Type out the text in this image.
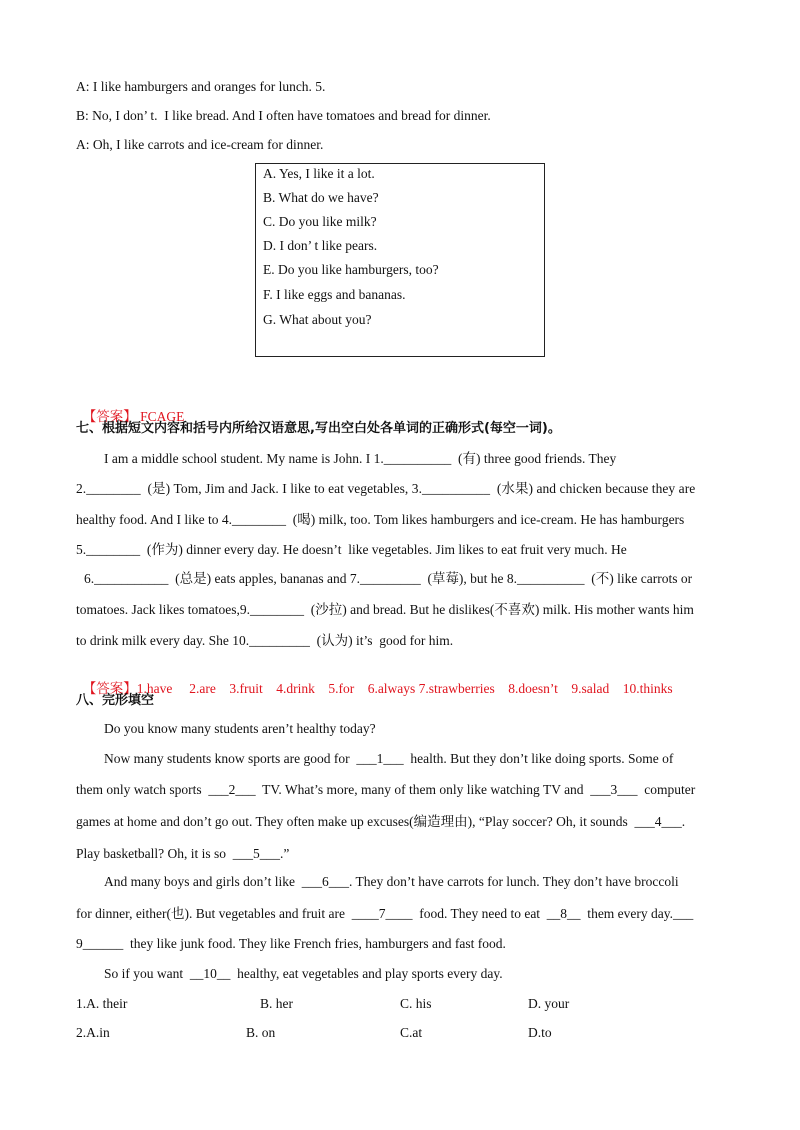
A: I like hamburgers and oranges for lunch. 5.
B: No, I don’ t.  I like bread. And I often have tomatoes and bread for dinner.
A: Oh, I like carrots and ice-cream for dinner.
A. Yes, I like it a lot.
B. What do we have?
C. Do you like milk?
D. I don’ t like pears.
E. Do you like hamburgers, too?
F. I like eggs and bananas.
G. What about you?

【答案】 FCAGE

七、根据短文内容和括号内所给汉语意思,写出空白处各单词的正确形式(每空一词)。
I am a middle school student. My name is John. I 1.__________  (有) three good friends. They
2.________  (是) Tom, Jim and Jack. I like to eat vegetables, 3.__________  (水果) and chicken because they are
healthy food. And I like to 4.________  (喝) milk, too. Tom likes hamburgers and ice-cream. He has hamburgers
5.________  (作为) dinner every day. He doesn’t  like vegetables. Jim likes to eat fruit very much. He
6.___________  (总是) eats apples, bananas and 7._________  (草莓), but he 8.__________  (不) like carrots or
tomatoes. Jack likes tomatoes,9.________  (沙拉) and bread. But he dislikes(不喜欢) milk. His mother wants him
to drink milk every day. She 10._________  (认为) it’s  good for him.

【答案】1.have     2.are    3.fruit    4.drink    5.for    6.always 7.strawberries    8.doesn’t    9.salad    10.thinks

八、完形填空
Do you know many students aren’t healthy today?
Now many students know sports are good for  ___1___  health. But they don’t like doing sports. Some of
them only watch sports  ___2___  TV. What’s more, many of them only like watching TV and  ___3___  computer
games at home and don’t go out. They often make up excuses(编造理由), “Play soccer? Oh, it sounds  ___4___.
Play basketball? Oh, it is so  ___5___.”
And many boys and girls don’t like  ___6___. They don’t have carrots for lunch. They don’t have broccoli
for dinner, either(也). But vegetables and fruit are  ____7____  food. They need to eat  __8__  them every day.___
9______  they like junk food. They like French fries, hamburgers and fast food.
So if you want  __10__  healthy, eat vegetables and play sports every day.
1.A. their	B. her	C. his	D. your
2.A.in	B. on	C.at	D.to
